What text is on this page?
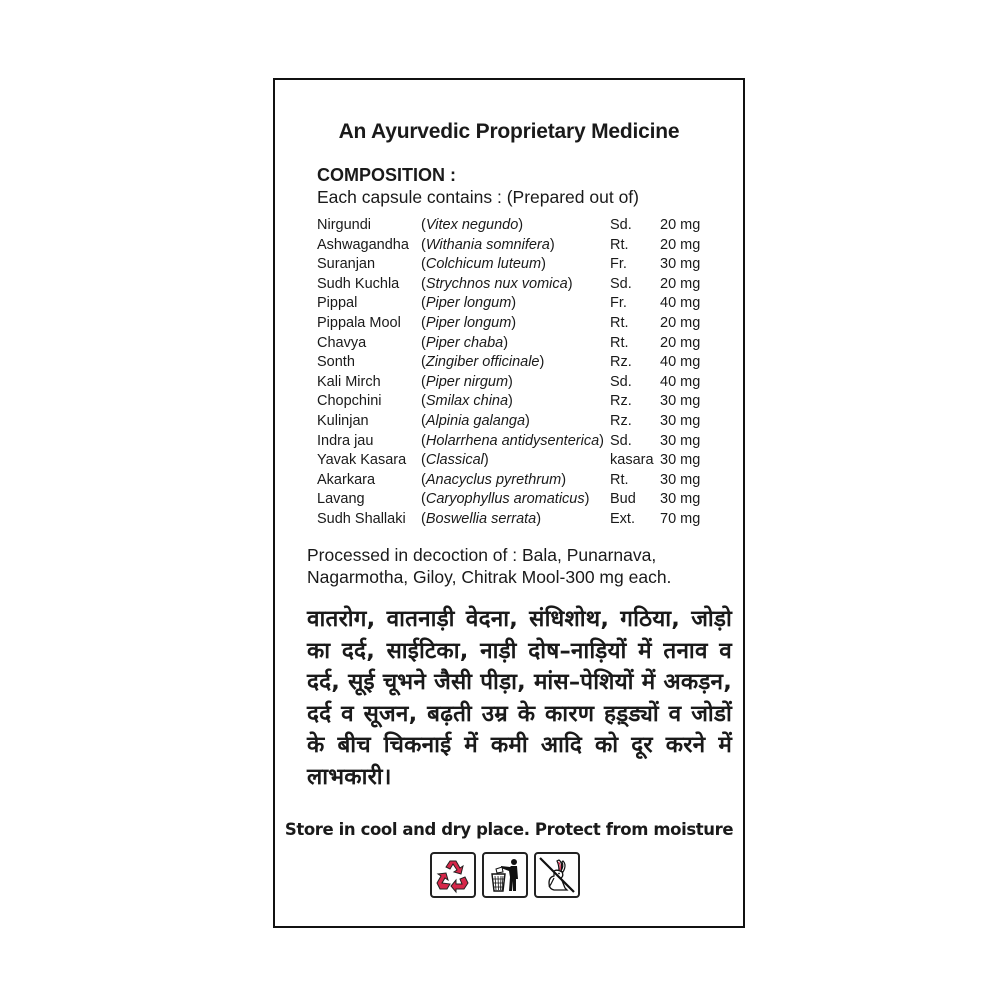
An Ayurvedic Proprietary Medicine
COMPOSITION :
Each capsule contains : (Prepared out of)
Nirgundi	(Vitex negundo)	Sd. 20 mg
Ashwagandha (Withania somnifera)	Rt. 20 mg
Suranjan	(Colchicum luteum)	Fr. 30 mg
Sudh Kuchla (Strychnos nux vomica)	Sd. 20 mg
Pippal	(Piper longum)	Fr. 40 mg
Pippala Mool (Piper longum)	Rt. 20 mg
Chavya	(Piper chaba)	Rt. 20 mg
Sonth	(Zingiber officinale)	Rz. 40 mg
Kali Mirch	(Piper nirgum)	Sd. 40 mg
Chopchini	(Smilax china)	Rz. 30 mg
Kulinjan	(Alpinia galanga)	Rz. 30 mg
Indra jau	(Holarrhena antidysenterica) Sd. 30 mg
Yavak Kasara (Classical)	kasara 30 mg
Akarkara	(Anacyclus pyrethrum)	Rt. 30 mg
Lavang	(Caryophyllus aromaticus) Bud 30 mg
Sudh Shallaki (Boswellia serrata)	Ext. 70 mg
Processed in decoction of : Bala, Punarnava,
Nagarmotha, Giloy, Chitrak Mool-300 mg each.
वातरोग, वातनाड़ी वेदना, संधिशोथ, गठिया, जोड़ो का दर्द, साईटिका, नाड़ी दोष–नाड़ियों में तनाव व दर्द, सूई चूभने जैसी पीड़ा, मांस–पेशियों में अकड़न, दर्द व सूजन, बढ़ती उम्र के कारण हड़्ड्यों व जोडों के बीच चिकनाई में कमी आदि को दूर करने में लाभकारी।
Store in cool and dry place. Protect from moisture
